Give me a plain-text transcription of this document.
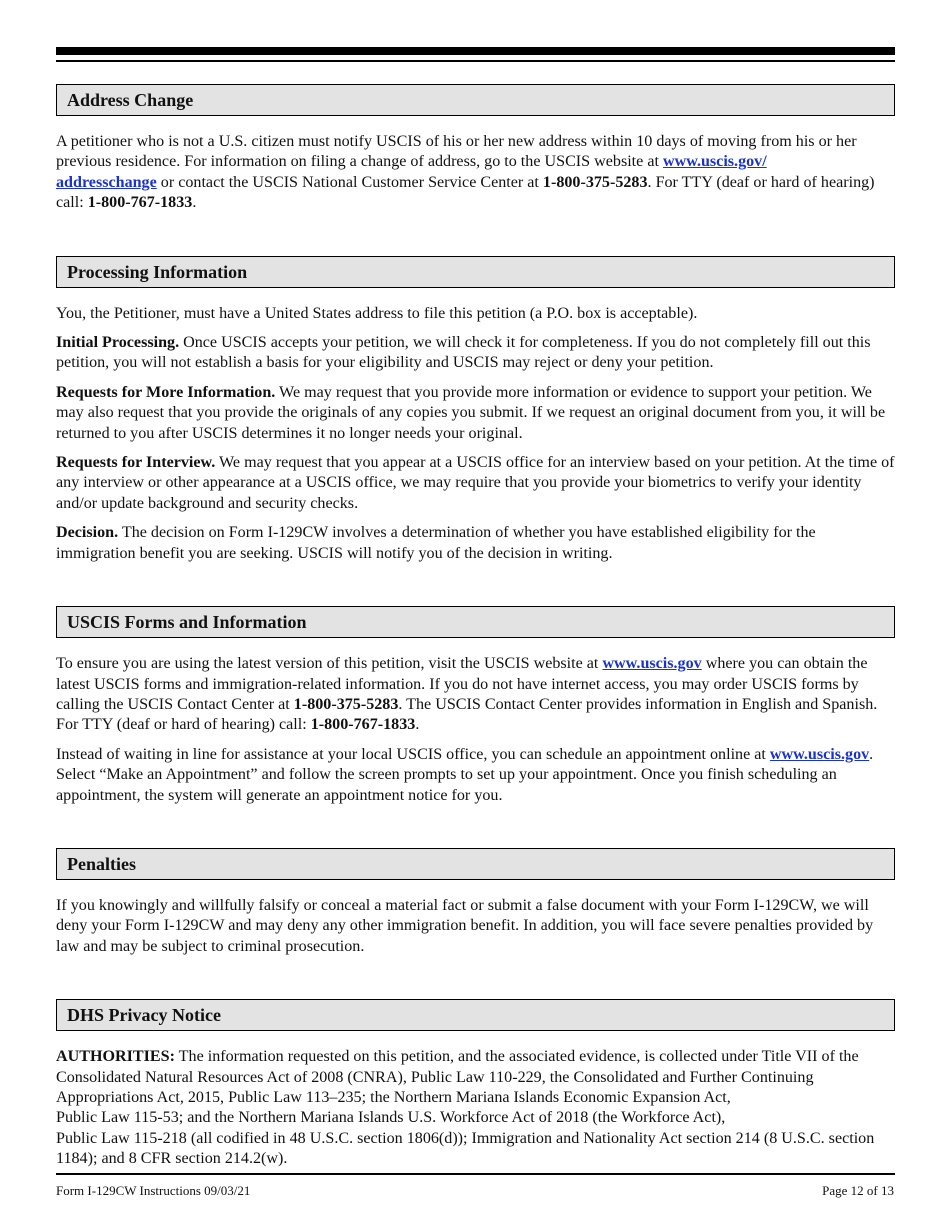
Address Change

A petitioner who is not a U.S. citizen must notify USCIS of his or her new address within 10 days of moving from his or her previous residence. For information on filing a change of address, go to the USCIS website at www.uscis.gov/
addresschange or contact the USCIS National Customer Service Center at 1-800-375-5283. For TTY (deaf or hard of hearing) call: 1-800-767-1833.

Processing Information

You, the Petitioner, must have a United States address to file this petition (a P.O. box is acceptable).

Initial Processing. Once USCIS accepts your petition, we will check it for completeness. If you do not completely fill out this petition, you will not establish a basis for your eligibility and USCIS may reject or deny your petition.

Requests for More Information. We may request that you provide more information or evidence to support your petition. We may also request that you provide the originals of any copies you submit. If we request an original document from you, it will be returned to you after USCIS determines it no longer needs your original.

Requests for Interview. We may request that you appear at a USCIS office for an interview based on your petition. At the time of any interview or other appearance at a USCIS office, we may require that you provide your biometrics to verify your identity and/or update background and security checks.

Decision. The decision on Form I-129CW involves a determination of whether you have established eligibility for the immigration benefit you are seeking. USCIS will notify you of the decision in writing.

USCIS Forms and Information

To ensure you are using the latest version of this petition, visit the USCIS website at www.uscis.gov where you can obtain the latest USCIS forms and immigration-related information. If you do not have internet access, you may order USCIS forms by calling the USCIS Contact Center at 1-800-375-5283. The USCIS Contact Center provides information in English and Spanish. For TTY (deaf or hard of hearing) call: 1-800-767-1833.

Instead of waiting in line for assistance at your local USCIS office, you can schedule an appointment online at www.uscis.gov. Select “Make an Appointment” and follow the screen prompts to set up your appointment. Once you finish scheduling an appointment, the system will generate an appointment notice for you.

Penalties

If you knowingly and willfully falsify or conceal a material fact or submit a false document with your Form I-129CW, we will deny your Form I-129CW and may deny any other immigration benefit. In addition, you will face severe penalties provided by law and may be subject to criminal prosecution.

DHS Privacy Notice

AUTHORITIES: The information requested on this petition, and the associated evidence, is collected under Title VII of the Consolidated Natural Resources Act of 2008 (CNRA), Public Law 110-229, the Consolidated and Further Continuing Appropriations Act, 2015, Public Law 113–235; the Northern Mariana Islands Economic Expansion Act,
Public Law 115-53; and the Northern Mariana Islands U.S. Workforce Act of 2018 (the Workforce Act),
Public Law 115-218 (all codified in 48 U.S.C. section 1806(d)); Immigration and Nationality Act section 214 (8 U.S.C. section 1184); and 8 CFR section 214.2(w).

Form I-129CW Instructions 09/03/21	Page 12 of 13
